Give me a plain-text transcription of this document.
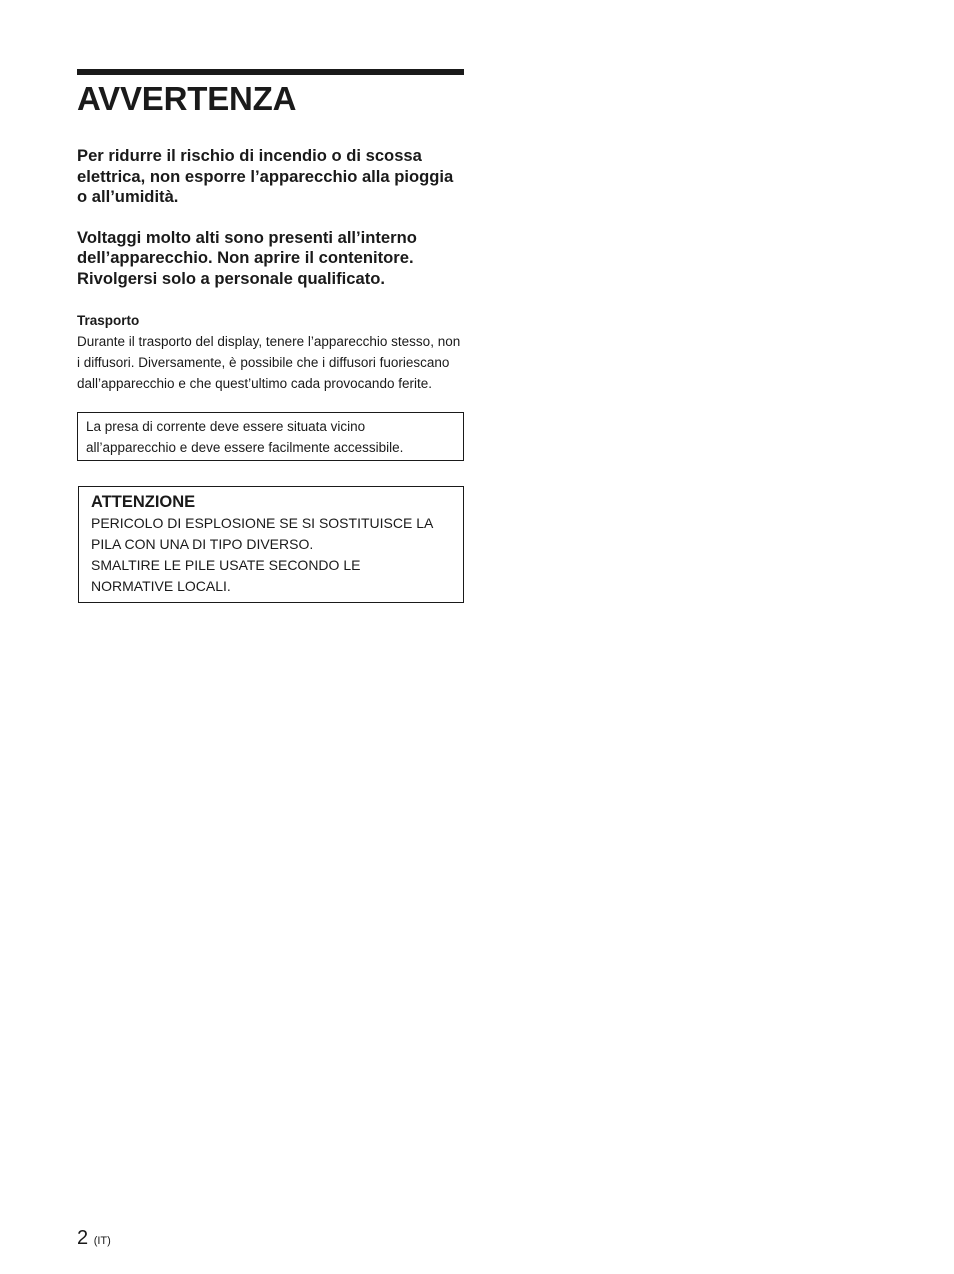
AVVERTENZA

Per ridurre il rischio di incendio o di scossa elettrica, non esporre l’apparecchio alla pioggia o all’umidità.

Voltaggi molto alti sono presenti all’interno dell’apparecchio. Non aprire il contenitore. Rivolgersi solo a personale qualificato.

Trasporto
Durante il trasporto del display, tenere l’apparecchio stesso, non i diffusori. Diversamente, è possibile che i diffusori fuoriescano dall’apparecchio e che quest’ultimo cada provocando ferite.
La presa di corrente deve essere situata vicino all’apparecchio e deve essere facilmente accessibile.
ATTENZIONE
PERICOLO DI ESPLOSIONE SE SI SOSTITUISCE LA
PILA CON UNA DI TIPO DIVERSO.
SMALTIRE LE PILE USATE SECONDO LE
NORMATIVE LOCALI.
2 (IT)
